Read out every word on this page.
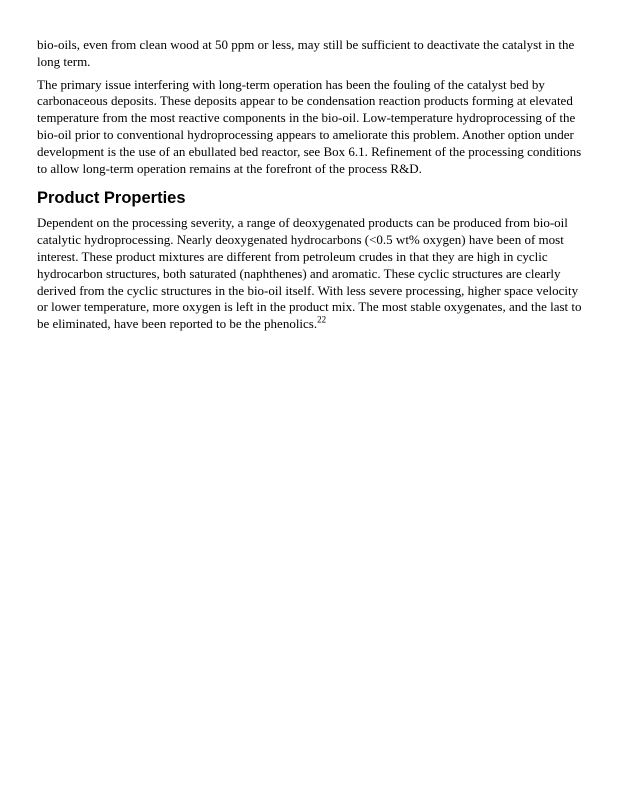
bio-oils, even from clean wood at 50 ppm or less, may still be sufficient to deactivate the catalyst in the long term.

The primary issue interfering with long-term operation has been the fouling of the catalyst bed by carbonaceous deposits. These deposits appear to be condensation reaction products forming at elevated temperature from the most reactive components in the bio-oil. Low-temperature hydroprocessing of the bio-oil prior to conventional hydroprocessing appears to ameliorate this problem. Another option under development is the use of an ebullated bed reactor, see Box 6.1. Refinement of the processing conditions to allow long-term operation remains at the forefront of the process R&D.

Product Properties

Dependent on the processing severity, a range of deoxygenated products can be produced from bio-oil catalytic hydroprocessing. Nearly deoxygenated hydrocarbons (<0.5 wt% oxygen) have been of most interest. These product mixtures are different from petroleum crudes in that they are high in cyclic hydrocarbon structures, both saturated (naphthenes) and aromatic. These cyclic structures are clearly derived from the cyclic structures in the bio-oil itself. With less severe processing, higher space velocity or lower temperature, more oxygen is left in the product mix. The most stable oxygenates, and the last to be eliminated, have been reported to be the phenolics.$^{22}$
